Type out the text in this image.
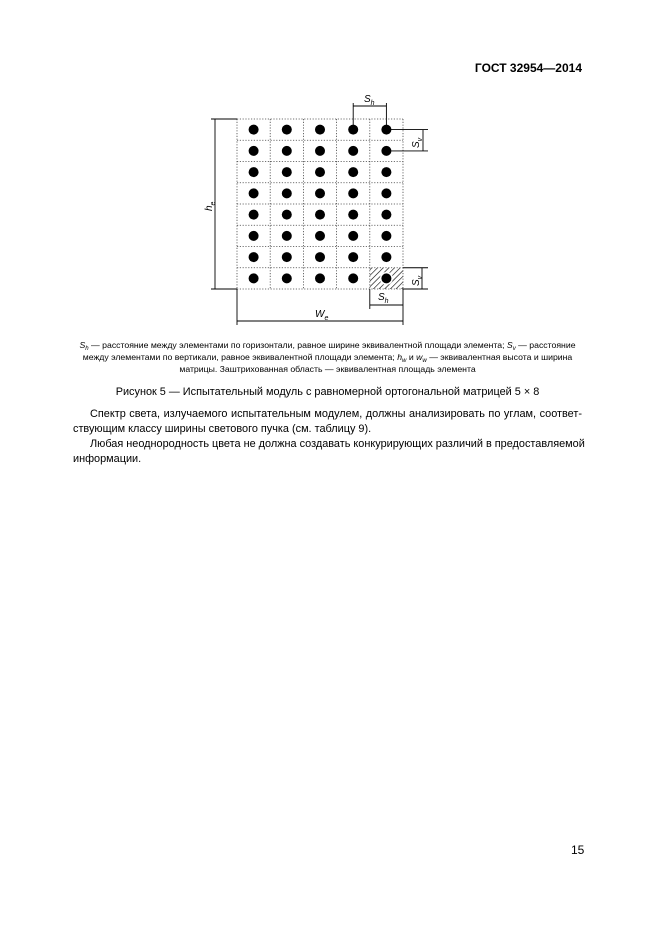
ГОСТ 32954—2014
$S_h$
$h_e$
$W_e$
$S_v$
$S_v$
$S_h$
$S_h$ — расстояние между элементами по горизонтали, равное ширине эквивалентной площади элемента; $S_v$ — расстояние
между элементами по вертикали, равное эквивалентной площади элемента; $h_w$ и $w_w$ — эквивалентная высота и ширина
матрицы. Заштрихованная область — эквивалентная площадь элемента
Рисунок 5 — Испытательный модуль с равномерной ортогональной матрицей 5 × 8
Спектр света, излучаемого испытательным модулем, должны анализировать по углам, соответ-
ствующим классу ширины светового пучка (см. таблицу 9).
Любая неоднородность цвета не должна создавать конкурирующих различий в предоставляемой
информации.
15
